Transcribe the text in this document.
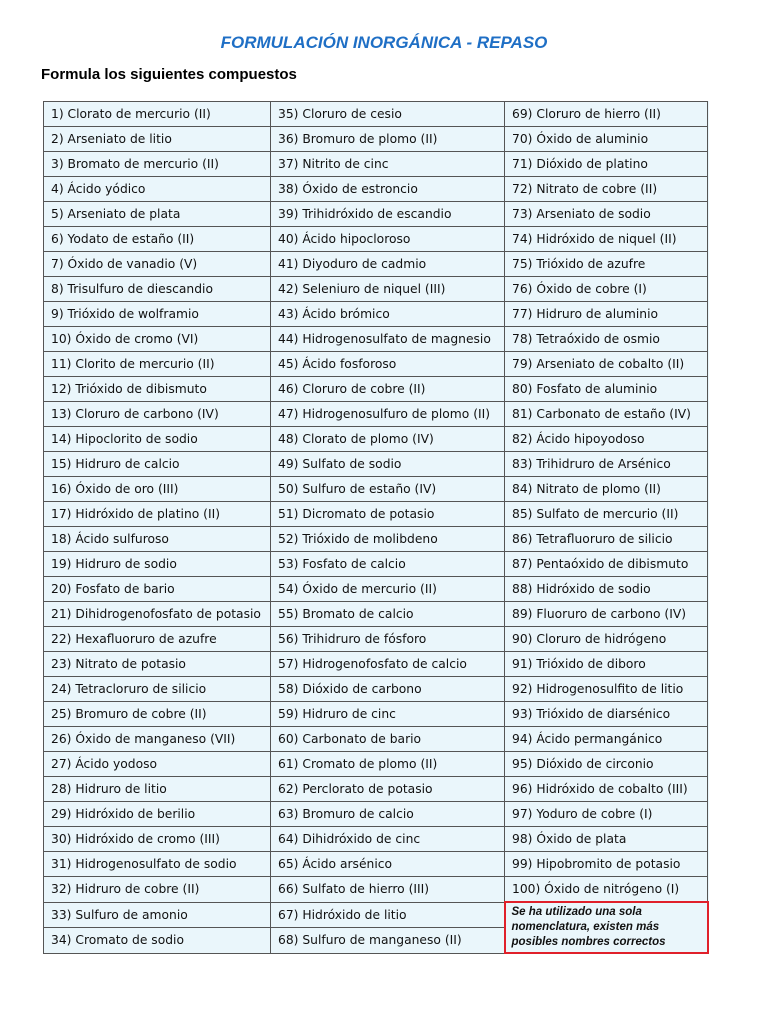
FORMULACIÓN INORGÁNICA - REPASO
Formula los siguientes compuestos
1) Clorato de mercurio (II)	35) Cloruro de cesio	69) Cloruro de hierro (II)
2) Arseniato de litio	36) Bromuro de plomo (II)	70) Óxido de aluminio
3) Bromato de mercurio (II)	37) Nitrito de cinc	71) Dióxido de platino
4) Ácido yódico	38) Óxido de estroncio	72) Nitrato de cobre (II)
5) Arseniato de plata	39) Trihidróxido de escandio	73) Arseniato de sodio
6) Yodato de estaño (II)	40) Ácido hipocloroso	74) Hidróxido de niquel (II)
7) Óxido de vanadio (V)	41) Diyoduro de cadmio	75) Trióxido de azufre
8) Trisulfuro de diescandio	42) Seleniuro de niquel (III)	76) Óxido de cobre (I)
9) Trióxido de wolframio	43) Ácido brómico	77) Hidruro de aluminio
10) Óxido de cromo (VI)	44) Hidrogenosulfato de magnesio	78) Tetraóxido de osmio
11) Clorito de mercurio (II)	45) Ácido fosforoso	79) Arseniato de cobalto (II)
12) Trióxido de dibismuto	46) Cloruro de cobre (II)	80) Fosfato de aluminio
13) Cloruro de carbono (IV)	47) Hidrogenosulfuro de plomo (II)	81) Carbonato de estaño (IV)
14) Hipoclorito de sodio	48) Clorato de plomo (IV)	82) Ácido hipoyodoso
15) Hidruro de calcio	49) Sulfato de sodio	83) Trihidruro de Arsénico
16) Óxido de oro (III)	50) Sulfuro de estaño (IV)	84) Nitrato de plomo (II)
17) Hidróxido de platino (II)	51) Dicromato de potasio	85) Sulfato de mercurio (II)
18) Ácido sulfuroso	52) Trióxido de molibdeno	86) Tetrafluoruro de silicio
19) Hidruro de sodio	53) Fosfato de calcio	87) Pentaóxido de dibismuto
20) Fosfato de bario	54) Óxido de mercurio (II)	88) Hidróxido de sodio
21) Dihidrogenofosfato de potasio	55) Bromato de calcio	89) Fluoruro de carbono (IV)
22) Hexafluoruro de azufre	56) Trihidruro de fósforo	90) Cloruro de hidrógeno
23) Nitrato de potasio	57) Hidrogenofosfato de calcio	91) Trióxido de diboro
24) Tetracloruro de silicio	58) Dióxido de carbono	92) Hidrogenosulfito de litio
25) Bromuro de cobre (II)	59) Hidruro de cinc	93) Trióxido de diarsénico
26) Óxido de manganeso (VII)	60) Carbonato de bario	94) Ácido permangánico
27) Ácido yodoso	61) Cromato de plomo (II)	95) Dióxido de circonio
28) Hidruro de litio	62) Perclorato de potasio	96) Hidróxido de cobalto (III)
29) Hidróxido de berilio	63) Bromuro de calcio	97) Yoduro de cobre (I)
30) Hidróxido de cromo (III)	64) Dihidróxido de cinc	98) Óxido de plata
31) Hidrogenosulfato de sodio	65) Ácido arsénico	99) Hipobromito de potasio
32) Hidruro de cobre (II)	66) Sulfato de hierro (III)	100) Óxido de nitrógeno (I)
33) Sulfuro de amonio	67) Hidróxido de litio	Se ha utilizado una sola nomenclatura, existen más posibles nombres correctos
34) Cromato de sodio	68) Sulfuro de manganeso (II)	
